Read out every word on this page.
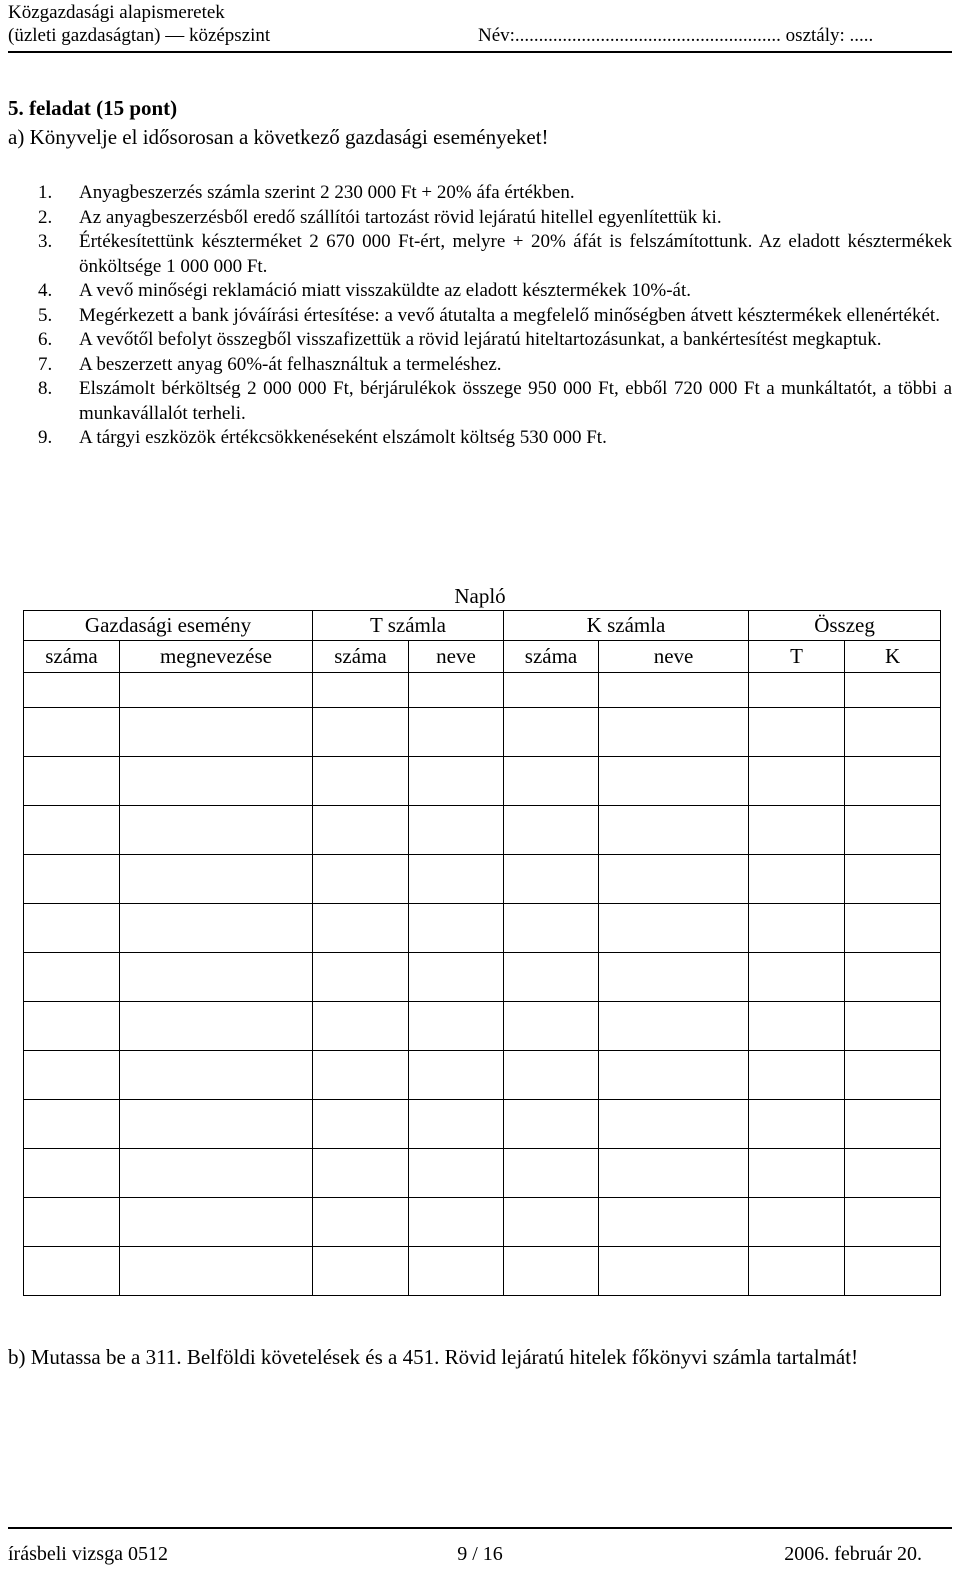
Közgazdasági alapismeretek
(üzleti gazdaságtan) — középszint	Név:........................................................ osztály: .....
5. feladat (15 pont)
a) Könyvelje el idősorosan a következő gazdasági eseményeket!
1. Anyagbeszerzés számla szerint 2 230 000 Ft + 20% áfa értékben.
2. Az anyagbeszerzésből eredő szállítói tartozást rövid lejáratú hitellel egyenlítettük ki.
3. Értékesítettünk készterméket 2 670 000 Ft-ért, melyre + 20% áfát is felszámítottunk. Az eladott késztermékek önköltsége 1 000 000 Ft.
4. A vevő minőségi reklamáció miatt visszaküldte az eladott késztermékek 10%-át.
5. Megérkezett a bank jóváírási értesítése: a vevő átutalta a megfelelő minőségben átvett késztermékek ellenértékét.
6. A vevőtől befolyt összegből visszafizettük a rövid lejáratú hiteltartozásunkat, a bankértesítést megkaptuk.
7. A beszerzett anyag 60%-át felhasználtuk a termeléshez.
8. Elszámolt bérköltség 2 000 000 Ft, bérjárulékok összege 950 000 Ft, ebből 720 000 Ft a munkáltatót, a többi a munkavállalót terheli.
9. A tárgyi eszközök értékcsökkenéseként elszámolt költség 530 000 Ft.
Napló
Gazdasági esemény		T számla		K számla		Összeg	
száma	megnevezése	száma	neve	száma	neve	T	K

b) Mutassa be a 311. Belföldi követelések és a 451. Rövid lejáratú hitelek főkönyvi számla tartalmát!
írásbeli vizsga 0512	9 / 16	2006. február 20.
